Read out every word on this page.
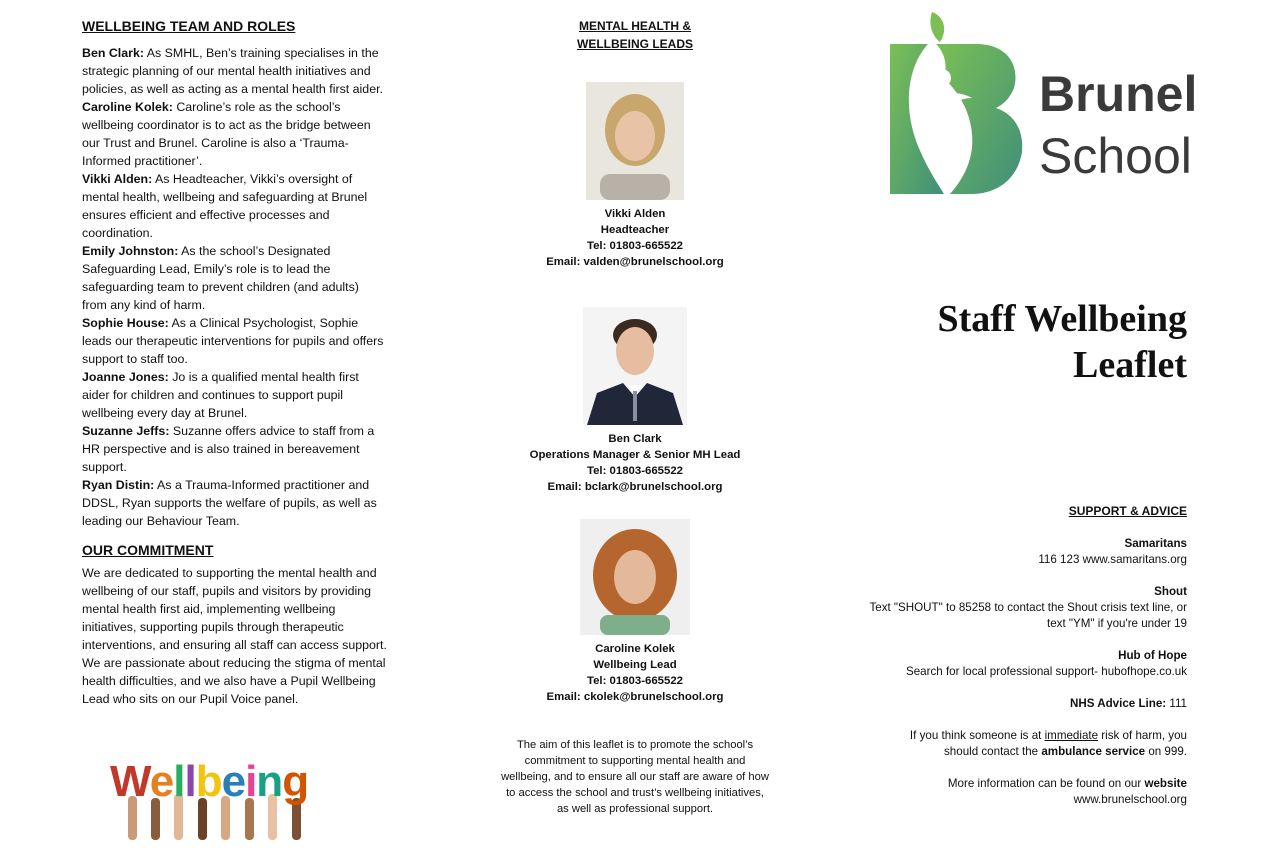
WELLBEING TEAM AND ROLES

Ben Clark: As SMHL, Ben’s training specialises in the strategic planning of our mental health initiatives and policies, as well as acting as a mental health first aider.

Caroline Kolek: Caroline’s role as the school’s wellbeing coordinator is to act as the bridge between our Trust and Brunel. Caroline is also a ‘Trauma-Informed practitioner’.

Vikki Alden: As Headteacher, Vikki’s oversight of mental health, wellbeing and safeguarding at Brunel ensures efficient and effective processes and coordination.

Emily Johnston: As the school’s Designated Safeguarding Lead, Emily’s role is to lead the safeguarding team to prevent children (and adults) from any kind of harm.

Sophie House: As a Clinical Psychologist, Sophie leads our therapeutic interventions for pupils and offers support to staff too.

Joanne Jones: Jo is a qualified mental health first aider for children and continues to support pupil wellbeing every day at Brunel.

Suzanne Jeffs: Suzanne offers advice to staff from a HR perspective and is also trained in bereavement support.

Ryan Distin: As a Trauma-Informed practitioner and DDSL, Ryan supports the welfare of pupils, as well as leading our Behaviour Team.

OUR COMMITMENT

We are dedicated to supporting the mental health and wellbeing of our staff, pupils and visitors by providing mental health first aid, implementing wellbeing initiatives, supporting pupils through therapeutic interventions, and ensuring all staff can access support. We are passionate about reducing the stigma of mental health difficulties, and we also have a Pupil Wellbeing Lead who sits on our Pupil Voice panel.

Wellbeing
MENTAL HEALTH &
WELLBEING LEADS
Vikki Alden
Headteacher
Tel: 01803-665522
Email: valden@brunelschool.org
Ben Clark
Operations Manager & Senior MH Lead
Tel: 01803-665522
Email: bclark@brunelschool.org
Caroline Kolek
Wellbeing Lead
Tel: 01803-665522
Email: ckolek@brunelschool.org

The aim of this leaflet is to promote the school’s commitment to supporting mental health and wellbeing, and to ensure all our staff are aware of how to access the school and trust’s wellbeing initiatives, as well as professional support.

Brunel
School
Staff Wellbeing
Leaflet
SUPPORT & ADVICE
Samaritans
116 123 www.samaritans.org
Shout
Text "SHOUT" to 85258 to contact the Shout crisis text line, or text "YM" if you're under 19
Hub of Hope
Search for local professional support- hubofhope.co.uk
NHS Advice Line: 111
If you think someone is at immediate risk of harm, you should contact the ambulance service on 999.
More information can be found on our website
www.brunelschool.org
